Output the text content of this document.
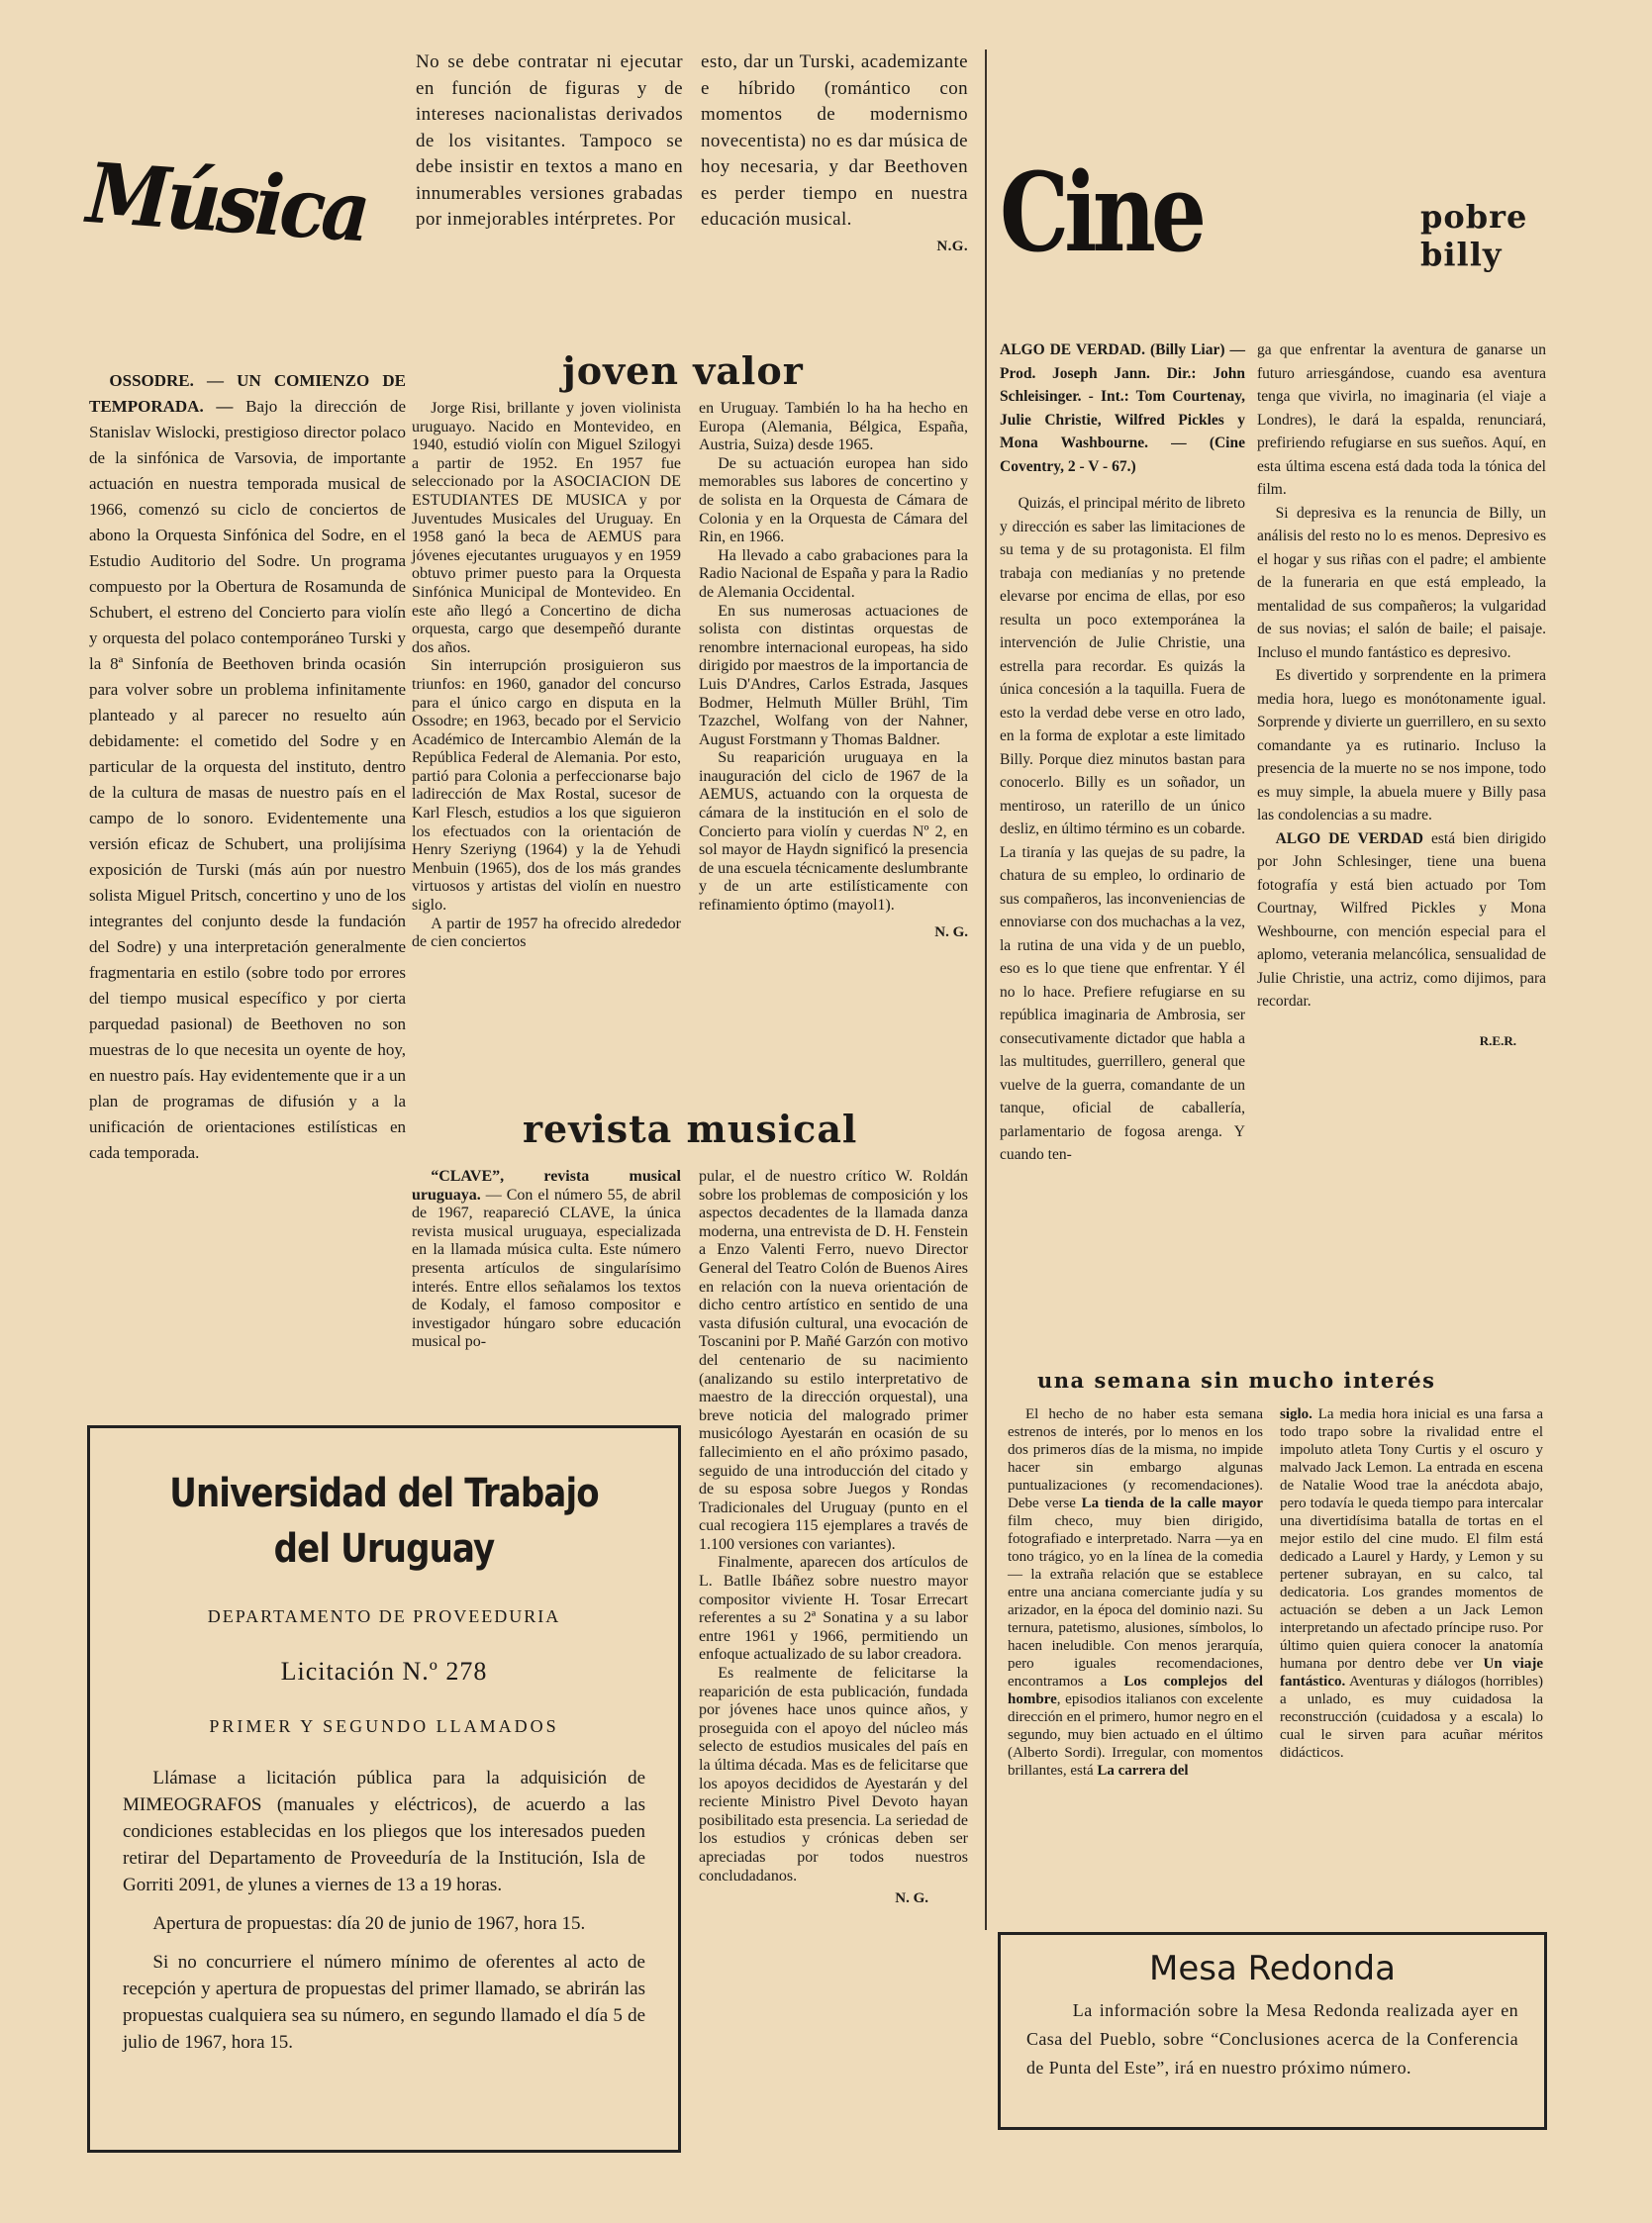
Música

No se debe contratar ni ejecutar en función de figuras y de intereses nacionalistas derivados de los visitantes. Tampoco se debe insistir en textos a mano en innumerables versiones grabadas por inmejorables intérpretes. Por

esto, dar un Turski, academizante e híbrido (romántico con momentos de modernismo novecentista) no es dar música de hoy necesaria, y dar Beethoven es perder tiempo en nuestra educación musical.

N.G.

OSSODRE. — UN COMIENZO DE TEMPORADA. — Bajo la dirección de Stanislav Wislocki, prestigioso director polaco de la sinfónica de Varsovia, de importante actuación en nuestra temporada musical de 1966, comenzó su ciclo de conciertos de abono la Orquesta Sinfónica del Sodre, en el Estudio Auditorio del Sodre. Un programa compuesto por la Obertura de Rosamunda de Schubert, el estreno del Concierto para violín y orquesta del polaco contemporáneo Turski y la 8ª Sinfonía de Beethoven brinda ocasión para volver sobre un problema infinitamente planteado y al parecer no resuelto aún debidamente: el cometido del Sodre y en particular de la orquesta del instituto, dentro de la cultura de masas de nuestro país en el campo de lo sonoro. Evidentemente una versión eficaz de Schubert, una prolijísima exposición de Turski (más aún por nuestro solista Miguel Pritsch, concertino y uno de los integrantes del conjunto desde la fundación del Sodre) y una interpretación generalmente fragmentaria en estilo (sobre todo por errores del tiempo musical específico y por cierta parquedad pasional) de Beethoven no son muestras de lo que necesita un oyente de hoy, en nuestro país. Hay evidentemente que ir a un plan de programas de difusión y a la unificación de orientaciones estilísticas en cada temporada.

joven valor

Jorge Risi, brillante y joven violinista uruguayo. Nacido en Montevideo, en 1940, estudió violín con Miguel Szilogyi a partir de 1952. En 1957 fue seleccionado por la ASOCIACION DE ESTUDIANTES DE MUSICA y por Juventudes Musicales del Uruguay. En 1958 ganó la beca de AEMUS para jóvenes ejecutantes uruguayos y en 1959 obtuvo primer puesto para la Orquesta Sinfónica Municipal de Montevideo. En este año llegó a Concertino de dicha orquesta, cargo que desempeñó durante dos años.

Sin interrupción prosiguieron sus triunfos: en 1960, ganador del concurso para el único cargo en disputa en la Ossodre; en 1963, becado por el Servicio Académico de Intercambio Alemán de la República Federal de Alemania. Por esto, partió para Colonia a perfeccionarse bajo ladirección de Max Rostal, sucesor de Karl Flesch, estudios a los que siguieron los efectuados con la orientación de Henry Szeriyng (1964) y la de Yehudi Menbuin (1965), dos de los más grandes virtuosos y artistas del violín en nuestro siglo.

A partir de 1957 ha ofrecido alrededor de cien conciertos

en Uruguay. También lo ha ha hecho en Europa (Alemania, Bélgica, España, Austria, Suiza) desde 1965.

De su actuación europea han sido memorables sus labores de concertino y de solista en la Orquesta de Cámara de Colonia y en la Orquesta de Cámara del Rin, en 1966.

Ha llevado a cabo grabaciones para la Radio Nacional de España y para la Radio de Alemania Occidental.

En sus numerosas actuaciones de solista con distintas orquestas de renombre internacional europeas, ha sido dirigido por maestros de la importancia de Luis D'Andres, Carlos Estrada, Jasques Bodmer, Helmuth Müller Brühl, Tim Tzazchel, Wolfang von der Nahner, August Forstmann y Thomas Baldner.

Su reaparición uruguaya en la inauguración del ciclo de 1967 de la AEMUS, actuando con la orquesta de cámara de la institución en el solo de Concierto para violín y cuerdas Nº 2, en sol mayor de Haydn significó la presencia de una escuela técnicamente deslumbrante y de un arte estilísticamente con refinamiento óptimo (mayol1).

N. G.
revista musical

“CLAVE”, revista musical uruguaya. — Con el número 55, de abril de 1967, reapareció CLAVE, la única revista musical uruguaya, especializada en la llamada música culta. Este número presenta artículos de singularísimo interés. Entre ellos señalamos los textos de Kodaly, el famoso compositor e investigador húngaro sobre educación musical po-

pular, el de nuestro crítico W. Roldán sobre los problemas de composición y los aspectos decadentes de la llamada danza moderna, una entrevista de D. H. Fenstein a Enzo Valenti Ferro, nuevo Director General del Teatro Colón de Buenos Aires en relación con la nueva orientación de dicho centro artístico en sentido de una vasta difusión cultural, una evocación de Toscanini por P. Mañé Garzón con motivo del centenario de su nacimiento (analizando su estilo interpretativo de maestro de la dirección orquestal), una breve noticia del malogrado primer musicólogo Ayestarán en ocasión de su fallecimiento en el año próximo pasado, seguido de una introducción del citado y de su esposa sobre Juegos y Rondas Tradicionales del Uruguay (punto en el cual recogiera 115 ejemplares a través de 1.100 versiones con variantes).

Finalmente, aparecen dos artículos de L. Batlle Ibáñez sobre nuestro mayor compositor viviente H. Tosar Errecart referentes a su 2ª Sonatina y a su labor entre 1961 y 1966, permitiendo un enfoque actualizado de su labor creadora.

Es realmente de felicitarse la reaparición de esta publicación, fundada por jóvenes hace unos quince años, y proseguida con el apoyo del núcleo más selecto de estudios musicales del país en la última década. Mas es de felicitarse que los apoyos decididos de Ayestarán y del reciente Ministro Pivel Devoto hayan posibilitado esta presencia. La seriedad de los estudios y crónicas deben ser apreciadas por todos nuestros concludadanos.

N. G.
Universidad del Trabajo
del Uruguay
DEPARTAMENTO DE PROVEEDURIA
Licitación N.º 278
PRIMER Y SEGUNDO LLAMADOS
Llámase a licitación pública para la adquisición de MIMEOGRAFOS (manuales y eléctricos), de acuerdo a las condiciones establecidas en los pliegos que los interesados pueden retirar del Departamento de Proveeduría de la Institución, Isla de Gorriti 2091, de ylunes a viernes de 13 a 19 horas.
Apertura de propuestas: día 20 de junio de 1967, hora 15.
Si no concurriere el número mínimo de oferentes al acto de recepción y apertura de propuestas del primer llamado, se abrirán las propuestas cualquiera sea su número, en segundo llamado el día 5 de julio de 1967, hora 15.
Cine	pobre
billy

ALGO DE VERDAD. (Billy Liar) — Prod. Joseph Jann. Dir.: John Schleisinger. - Int.: Tom Courtenay, Julie Christie, Wilfred Pickles y Mona Washbourne. — (Cine Coventry, 2 - V - 67.)

Quizás, el principal mérito de libreto y dirección es saber las limitaciones de su tema y de su protagonista. El film trabaja con medianías y no pretende elevarse por encima de ellas, por eso resulta un poco extemporánea la intervención de Julie Christie, una estrella para recordar. Es quizás la única concesión a la taquilla. Fuera de esto la verdad debe verse en otro lado, en la forma de explotar a este limitado Billy. Porque diez minutos bastan para conocerlo. Billy es un soñador, un mentiroso, un raterillo de un único desliz, en último término es un cobarde. La tiranía y las quejas de su padre, la chatura de su empleo, lo ordinario de sus compañeros, las inconveniencias de ennoviarse con dos muchachas a la vez, la rutina de una vida y de un pueblo, eso es lo que tiene que enfrentar. Y él no lo hace. Prefiere refugiarse en su república imaginaria de Ambrosia, ser consecutivamente dictador que habla a las multitudes, guerrillero, general que vuelve de la guerra, comandante de un tanque, oficial de caballería, parlamentario de fogosa arenga. Y cuando ten-

ga que enfrentar la aventura de ganarse un futuro arriesgándose, cuando esa aventura tenga que vivirla, no imaginaria (el viaje a Londres), le dará la espalda, renunciará, prefiriendo refugiarse en sus sueños. Aquí, en esta última escena está dada toda la tónica del film.

Si depresiva es la renuncia de Billy, un análisis del resto no lo es menos. Depresivo es el hogar y sus riñas con el padre; el ambiente de la funeraria en que está empleado, la mentalidad de sus compañeros; la vulgaridad de sus novias; el salón de baile; el paisaje. Incluso el mundo fantástico es depresivo.

Es divertido y sorprendente en la primera media hora, luego es monótonamente igual. Sorprende y divierte un guerrillero, en su sexto comandante ya es rutinario. Incluso la presencia de la muerte no se nos impone, todo es muy simple, la abuela muere y Billy pasa las condolencias a su madre.

ALGO DE VERDAD está bien dirigido por John Schlesinger, tiene una buena fotografía y está bien actuado por Tom Courtnay, Wilfred Pickles y Mona Weshbourne, con mención especial para el aplomo, veterania melancólica, sensualidad de Julie Christie, una actriz, como dijimos, para recordar.

R.E.R.
una semana sin mucho interés

El hecho de no haber esta semana estrenos de interés, por lo menos en los dos primeros días de la misma, no impide hacer sin embargo algunas puntualizaciones (y recomendaciones). Debe verse La tienda de la calle mayor film checo, muy bien dirigido, fotografiado e interpretado. Narra —ya en tono trágico, yo en la línea de la comedia— la extraña relación que se establece entre una anciana comerciante judía y su arizador, en la época del dominio nazi. Su ternura, patetismo, alusiones, símbolos, lo hacen ineludible. Con menos jerarquía, pero iguales recomendaciones, encontramos a Los complejos del hombre, episodios italianos con excelente dirección en el primero, humor negro en el segundo, muy bien actuado en el último (Alberto Sordi). Irregular, con momentos brillantes, está La carrera del

siglo. La media hora inicial es una farsa a todo trapo sobre la rivalidad entre el impoluto atleta Tony Curtis y el oscuro y malvado Jack Lemon. La entrada en escena de Natalie Wood trae la anécdota abajo, pero todavía le queda tiempo para intercalar una divertidísima batalla de tortas en el mejor estilo del cine mudo. El film está dedicado a Laurel y Hardy, y Lemon y su pertener subrayan, en su calco, tal dedicatoria. Los grandes momentos de actuación se deben a un Jack Lemon interpretando un afectado príncipe ruso. Por último quien quiera conocer la anatomía humana por dentro debe ver Un viaje fantástico. Aventuras y diálogos (horribles) a unlado, es muy cuidadosa la reconstrucción (cuidadosa y a escala) lo cual le sirven para acuñar méritos didácticos.

Mesa Redonda
La información sobre la Mesa Redonda realizada ayer en Casa del Pueblo, sobre “Conclusiones acerca de la Conferencia de Punta del Este”, irá en nuestro próximo número.
